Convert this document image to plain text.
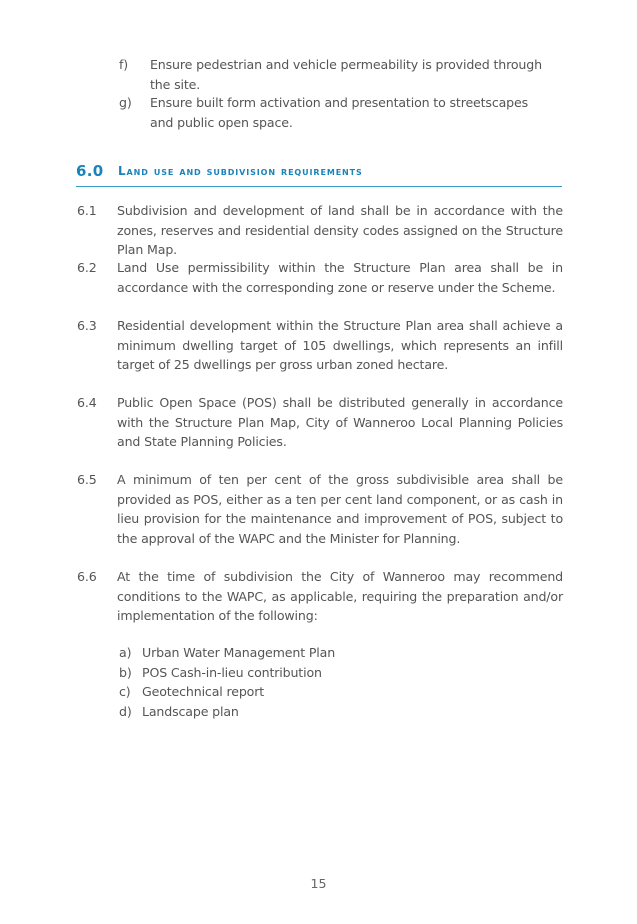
f) Ensure pedestrian and vehicle permeability is provided through the site.
g) Ensure built form activation and presentation to streetscapes and public open space.
6.0 Land use and subdivision requirements
6.1 Subdivision and development of land shall be in accordance with the zones, reserves and residential density codes assigned on the Structure Plan Map.
6.2 Land Use permissibility within the Structure Plan area shall be in accordance with the corresponding zone or reserve under the Scheme.
6.3 Residential development within the Structure Plan area shall achieve a minimum dwelling target of 105 dwellings, which represents an infill target of 25 dwellings per gross urban zoned hectare.
6.4 Public Open Space (POS) shall be distributed generally in accordance with the Structure Plan Map, City of Wanneroo Local Planning Policies and State Planning Policies.
6.5 A minimum of ten per cent of the gross subdivisible area shall be provided as POS, either as a ten per cent land component, or as cash in lieu provision for the maintenance and improvement of POS, subject to the approval of the WAPC and the Minister for Planning.
6.6 At the time of subdivision the City of Wanneroo may recommend conditions to the WAPC, as applicable, requiring the preparation and/or implementation of the following:
a) Urban Water Management Plan
b) POS Cash-in-lieu contribution
c) Geotechnical report
d) Landscape plan
15
